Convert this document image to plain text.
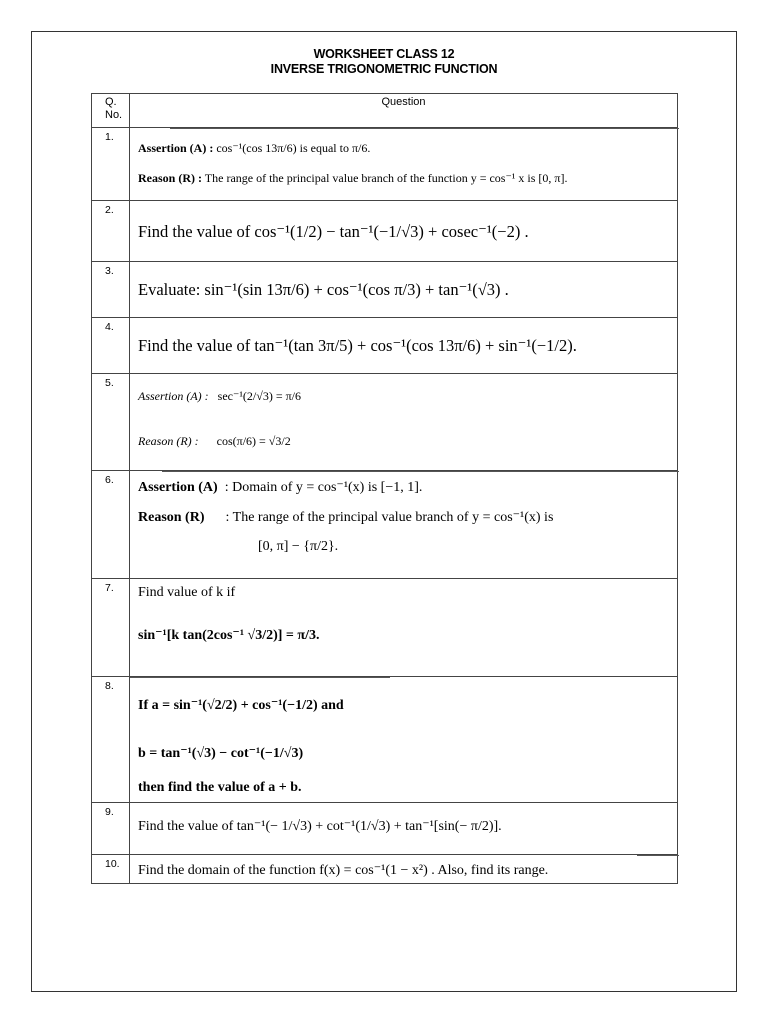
WORKSHEET CLASS 12
INVERSE TRIGONOMETRIC FUNCTION
Q.
No.	Question
1.	Assertion (A) : cos⁻¹(cos 13π/6) is equal to π/6.
Reason (R) : The range of the principal value branch of the function y = cos⁻¹ x is [0, π].

2.	Find the value of cos⁻¹(1/2) − tan⁻¹(−1/√3) + cosec⁻¹(−2) .

3.	Evaluate: sin⁻¹(sin 13π/6) + cos⁻¹(cos π/3) + tan⁻¹(√3) .

4.	Find the value of tan⁻¹(tan 3π/5) + cos⁻¹(cos 13π/6) + sin⁻¹(−1/2).

5.	Assertion (A) : sec⁻¹(2/√3) = π/6
Reason (R) : cos(π/6) = √3/2

6.	Assertion (A) : Domain of y = cos⁻¹(x) is [−1, 1].
Reason (R) : The range of the principal value branch of y = cos⁻¹(x) is
[0, π] − {π/2}.

7.	Find value of k if
sin⁻¹[k tan(2cos⁻¹ √3/2)] = π/3.

8.	If a = sin⁻¹(√2/2) + cos⁻¹(−1/2) and
b = tan⁻¹(√3) − cot⁻¹(−1/√3)
then find the value of a + b.

9.	Find the value of tan⁻¹(− 1/√3) + cot⁻¹(1/√3) + tan⁻¹[sin(− π/2)].

10.	Find the domain of the function f(x) = cos⁻¹(1 − x²) . Also, find its range.
